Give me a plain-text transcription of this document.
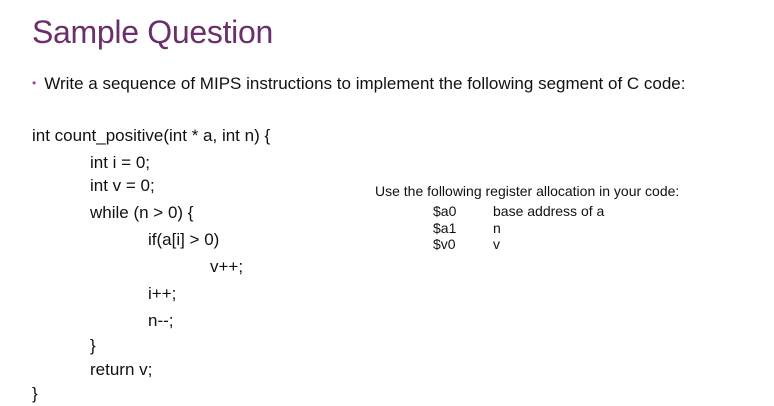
Sample Question
• Write a sequence of MIPS instructions to implement the following segment of C code:
int count_positive(int * a, int n) {
int i = 0;
int v = 0;
while (n > 0) {
if(a[i] > 0)
v++;
i++;
n--;
}
return v;
}
Use the following register allocation in your code:
$a0	base address of a
$a1	n
$v0	v
